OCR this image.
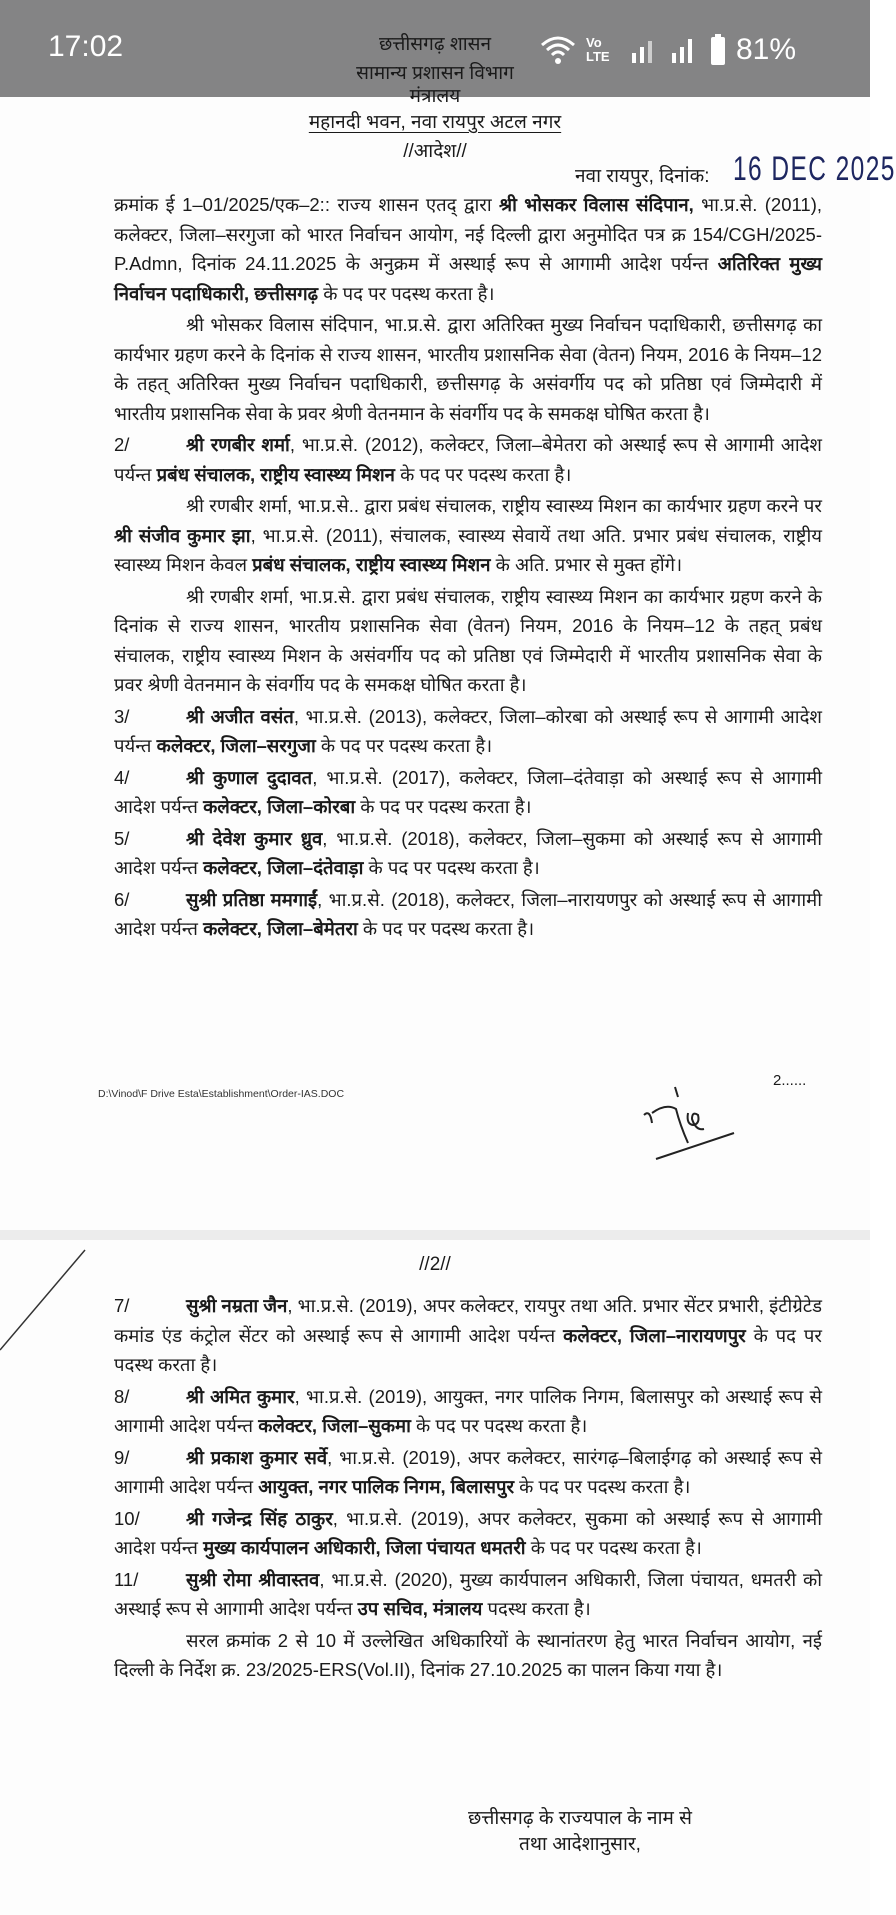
महानदी भवन, नवा रायपुर अटल नगर
//आदेश//
नवा रायपुर, दिनांक: 16 DEC 2025

क्रमांक ई 1–01/2025/एक–2:: राज्य शासन एतद् द्वारा श्री भोसकर विलास संदिपान, भा.प्र.से. (2011), कलेक्टर, जिला–सरगुजा को भारत निर्वाचन आयोग, नई दिल्ली द्वारा अनुमोदित पत्र क्र 154/CGH/2025-P.Admn, दिनांक 24.11.2025 के अनुक्रम में अस्थाई रूप से आगामी आदेश पर्यन्त अतिरिक्त मुख्य निर्वाचन पदाधिकारी, छत्तीसगढ़ के पद पर पदस्थ करता है।

श्री भोसकर विलास संदिपान, भा.प्र.से. द्वारा अतिरिक्त मुख्य निर्वाचन पदाधिकारी, छत्तीसगढ़ का कार्यभार ग्रहण करने के दिनांक से राज्य शासन, भारतीय प्रशासनिक सेवा (वेतन) नियम, 2016 के नियम–12 के तहत् अतिरिक्त मुख्य निर्वाचन पदाधिकारी, छत्तीसगढ़ के असंवर्गीय पद को प्रतिष्ठा एवं जिम्मेदारी में भारतीय प्रशासनिक सेवा के प्रवर श्रेणी वेतनमान के संवर्गीय पद के समकक्ष घोषित करता है।

2/	श्री रणबीर शर्मा, भा.प्र.से. (2012), कलेक्टर, जिला–बेमेतरा को अस्थाई रूप से आगामी आदेश पर्यन्त प्रबंध संचालक, राष्ट्रीय स्वास्थ्य मिशन के पद पर पदस्थ करता है।

श्री रणबीर शर्मा, भा.प्र.से.. द्वारा प्रबंध संचालक, राष्ट्रीय स्वास्थ्य मिशन का कार्यभार ग्रहण करने पर श्री संजीव कुमार झा, भा.प्र.से. (2011), संचालक, स्वास्थ्य सेवायें तथा अति. प्रभार प्रबंध संचालक, राष्ट्रीय स्वास्थ्य मिशन केवल प्रबंध संचालक, राष्ट्रीय स्वास्थ्य मिशन के अति. प्रभार से मुक्त होंगे।

श्री रणबीर शर्मा, भा.प्र.से. द्वारा प्रबंध संचालक, राष्ट्रीय स्वास्थ्य मिशन का कार्यभार ग्रहण करने के दिनांक से राज्य शासन, भारतीय प्रशासनिक सेवा (वेतन) नियम, 2016 के नियम–12 के तहत् प्रबंध संचालक, राष्ट्रीय स्वास्थ्य मिशन के असंवर्गीय पद को प्रतिष्ठा एवं जिम्मेदारी में भारतीय प्रशासनिक सेवा के प्रवर श्रेणी वेतनमान के संवर्गीय पद के समकक्ष घोषित करता है।

3/	श्री अजीत वसंत, भा.प्र.से. (2013), कलेक्टर, जिला–कोरबा को अस्थाई रूप से आगामी आदेश पर्यन्त कलेक्टर, जिला–सरगुजा के पद पर पदस्थ करता है।

4/	श्री कुणाल दुदावत, भा.प्र.से. (2017), कलेक्टर, जिला–दंतेवाड़ा को अस्थाई रूप से आगामी आदेश पर्यन्त कलेक्टर, जिला–कोरबा के पद पर पदस्थ करता है।

5/	श्री देवेश कुमार ध्रुव, भा.प्र.से. (2018), कलेक्टर, जिला–सुकमा को अस्थाई रूप से आगामी आदेश पर्यन्त कलेक्टर, जिला–दंतेवाड़ा के पद पर पदस्थ करता है।

6/	सुश्री प्रतिष्ठा ममगाईं, भा.प्र.से. (2018), कलेक्टर, जिला–नारायणपुर को अस्थाई रूप से आगामी आदेश पर्यन्त कलेक्टर, जिला–बेमेतरा के पद पर पदस्थ करता है।

2......
D:\Vinod\F Drive Esta\Establishment\Order-IAS.DOC
//2//

7/	सुश्री नम्रता जैन, भा.प्र.से. (2019), अपर कलेक्टर, रायपुर तथा अति. प्रभार सेंटर प्रभारी, इंटीग्रेटेड कमांड एंड कंट्रोल सेंटर को अस्थाई रूप से आगामी आदेश पर्यन्त कलेक्टर, जिला–नारायणपुर के पद पर पदस्थ करता है।

8/	श्री अमित कुमार, भा.प्र.से. (2019), आयुक्त, नगर पालिक निगम, बिलासपुर को अस्थाई रूप से आगामी आदेश पर्यन्त कलेक्टर, जिला–सुकमा के पद पर पदस्थ करता है।

9/	श्री प्रकाश कुमार सर्वे, भा.प्र.से. (2019), अपर कलेक्टर, सारंगढ़–बिलाईगढ़ को अस्थाई रूप से आगामी आदेश पर्यन्त आयुक्त, नगर पालिक निगम, बिलासपुर के पद पर पदस्थ करता है।

10/	श्री गजेन्द्र सिंह ठाकुर, भा.प्र.से. (2019), अपर कलेक्टर, सुकमा को अस्थाई रूप से आगामी आदेश पर्यन्त मुख्य कार्यपालन अधिकारी, जिला पंचायत धमतरी के पद पर पदस्थ करता है।

11/	सुश्री रोमा श्रीवास्तव, भा.प्र.से. (2020), मुख्य कार्यपालन अधिकारी, जिला पंचायत, धमतरी को अस्थाई रूप से आगामी आदेश पर्यन्त उप सचिव, मंत्रालय पदस्थ करता है।

सरल क्रमांक 2 से 10 में उल्लेखित अधिकारियों के स्थानांतरण हेतु भारत निर्वाचन आयोग, नई दिल्ली के निर्देश क्र. 23/2025-ERS(Vol.II), दिनांक 27.10.2025 का पालन किया गया है।

छत्तीसगढ़ के राज्यपाल के नाम से
तथा आदेशानुसार,
17:02	Vo LTE	81%
छत्तीसगढ़ शासन
सामान्य प्रशासन विभाग
मंत्रालय
